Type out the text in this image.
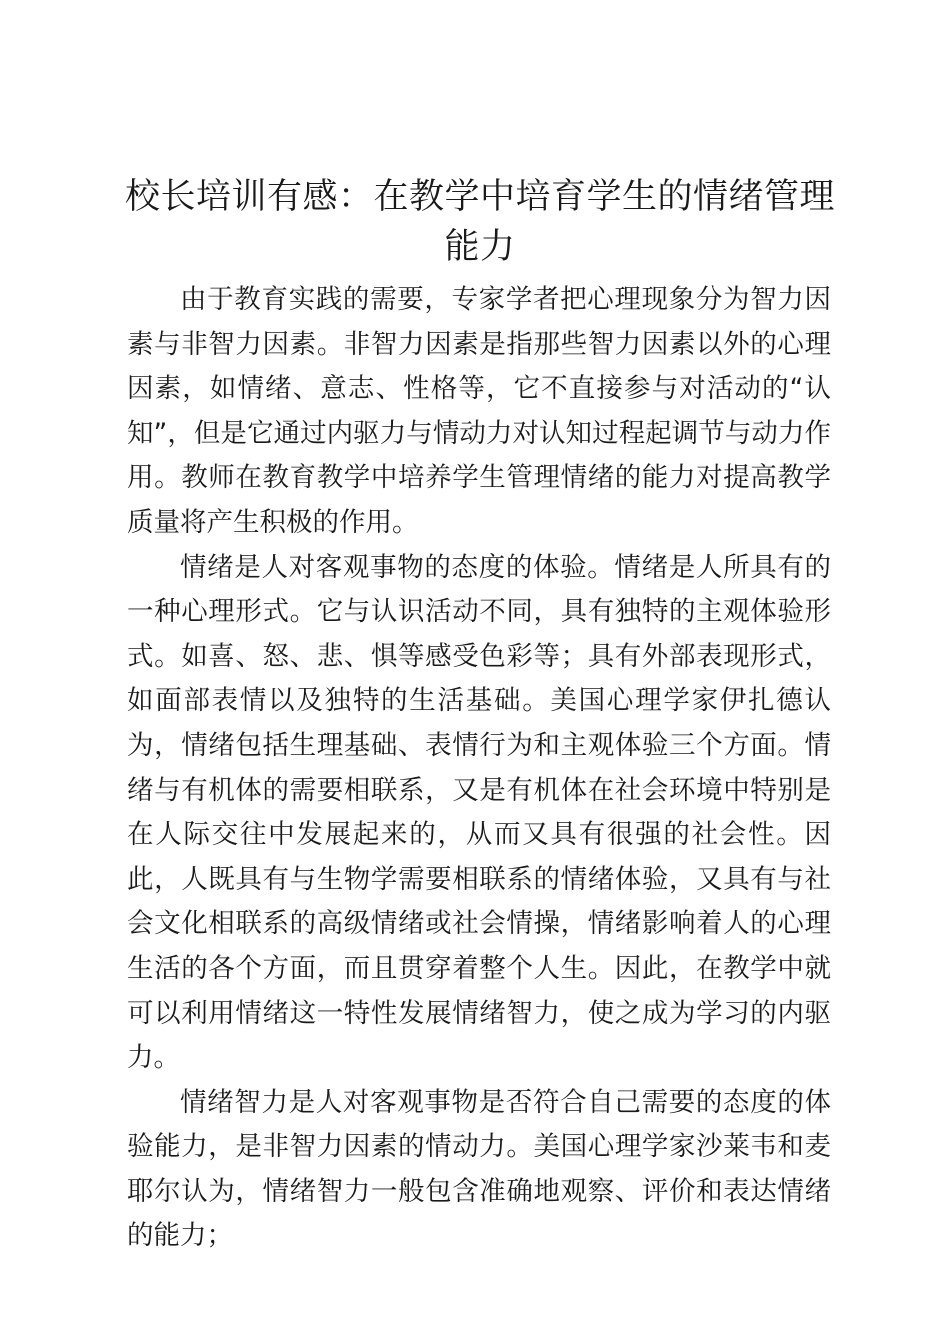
校长培训有感：在教学中培育学生的情绪管理能力

由于教育实践的需要，专家学者把心理现象分为智力因素与非智力因素。非智力因素是指那些智力因素以外的心理因素，如情绪、意志、性格等，它不直接参与对活动的“认知”，但是它通过内驱力与情动力对认知过程起调节与动力作用。教师在教育教学中培养学生管理情绪的能力对提高教学质量将产生积极的作用。

情绪是人对客观事物的态度的体验。情绪是人所具有的一种心理形式。它与认识活动不同，具有独特的主观体验形式。如喜、怒、悲、惧等感受色彩等；具有外部表现形式，如面部表情以及独特的生活基础。美国心理学家伊扎德认为，情绪包括生理基础、表情行为和主观体验三个方面。情绪与有机体的需要相联系，又是有机体在社会环境中特别是在人际交往中发展起来的，从而又具有很强的社会性。因此，人既具有与生物学需要相联系的情绪体验，又具有与社会文化相联系的高级情绪或社会情操，情绪影响着人的心理生活的各个方面，而且贯穿着整个人生。因此，在教学中就可以利用情绪这一特性发展情绪智力，使之成为学习的内驱力。

情绪智力是人对客观事物是否符合自己需要的态度的体验能力，是非智力因素的情动力。美国心理学家沙莱韦和麦耶尔认为，情绪智力一般包含准确地观察、评价和表达情绪的能力；
